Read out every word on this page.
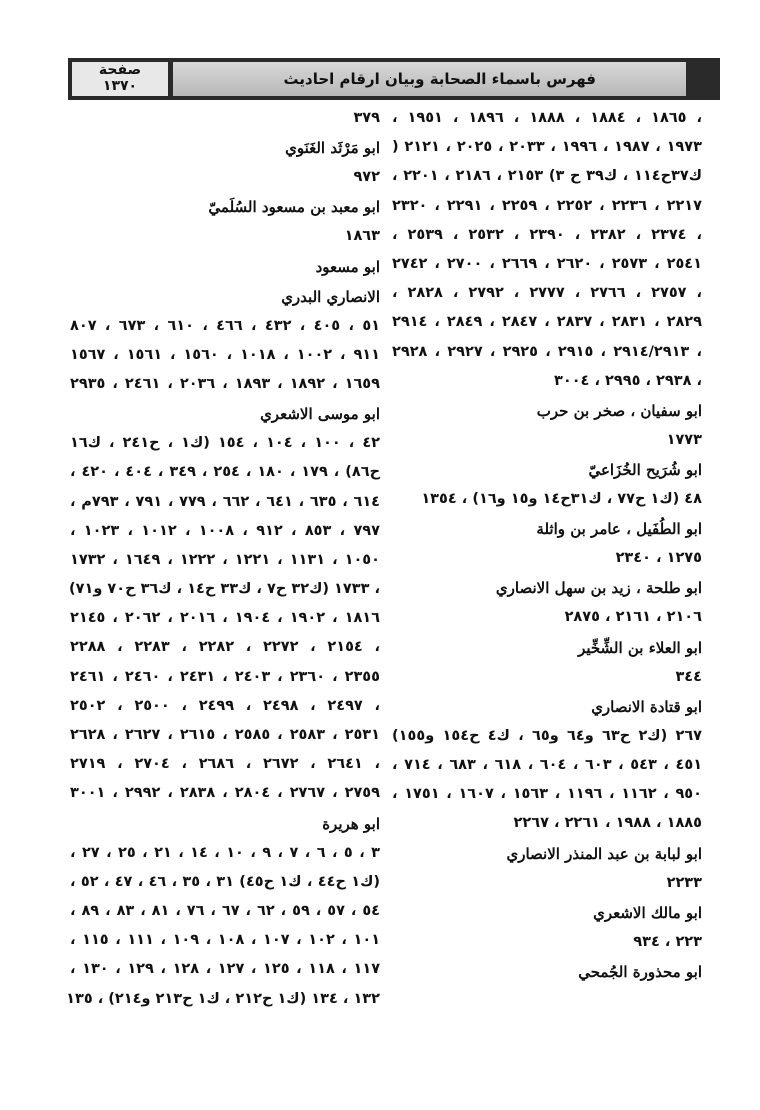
فهرس باسماء الصحابة وبيان ارقام احاديث
صفحة
١٣٧٠
، ١٨٦٥ ، ١٨٨٤ ، ١٨٨٨ ، ١٨٩٦ ، ١٩٥١ ،
١٩٧٣ ، ١٩٨٧ ، ١٩٩٦ ، ٢٠٣٣ ، ٢٠٢٥ ، ٢١٢١ (
ك٣٧ح١١٤ ، ك٣٩ ح ٣) ٢١٥٣ ، ٢١٨٦ ، ٢٢٠١ ،
٢٢١٧ ، ٢٢٣٦ ، ٢٢٥٢ ، ٢٢٥٩ ، ٢٢٩١ ، ٢٣٢٠
، ٢٣٧٤ ، ٢٣٨٢ ، ٢٣٩٠ ، ٢٥٣٢ ، ٢٥٣٩ ،
٢٥٤١ ، ٢٥٧٣ ، ٢٦٢٠ ، ٢٦٦٩ ، ٢٧٠٠ ، ٢٧٤٢
، ٢٧٥٧ ، ٢٧٦٦ ، ٢٧٧٧ ، ٢٧٩٢ ، ٢٨٢٨ ،
٢٨٢٩ ، ٢٨٣١ ، ٢٨٣٧ ، ٢٨٤٧ ، ٢٨٤٩ ، ٢٩١٤
، ٢٩١٤/٢٩١٣ ، ٢٩١٥ ، ٢٩٢٥ ، ٢٩٢٧ ، ٢٩٢٨
، ٢٩٣٨ ، ٢٩٩٥ ، ٣٠٠٤
ابو سفيان ، صخر بن حرب
١٧٧٣
ابو شُرَيح الخُزَاعيّ
٤٨ (ك١ ح٧٧ ، ك٣١ح١٤ و١٥ و١٦) ، ١٣٥٤
ابو الطُفَيل ، عامر بن واثلة
١٢٧٥ ، ٢٣٤٠
ابو طلحة ، زيد بن سهل الانصاري
٢١٠٦ ، ٢١٦١ ، ٢٨٧٥
ابو العلاء بن الشِّخِّير
٣٤٤
ابو قتادة الانصاري
٢٦٧ (ك٢ ح٦٣ و٦٤ و٦٥ ، ك٤ ح١٥٤ و١٥٥)
٤٥١ ، ٥٤٣ ، ٦٠٣ ، ٦٠٤ ، ٦١٨ ، ٦٨٣ ، ٧١٤ ،
٩٥٠ ، ١١٦٢ ، ١١٩٦ ، ١٥٦٣ ، ١٦٠٧ ، ١٧٥١ ،
١٨٨٥ ، ١٩٨٨ ، ٢٢٦١ ، ٢٢٦٧
ابو لبابة بن عبد المنذر الانصاري
٢٢٣٣
ابو مالك الاشعري
٢٢٣ ، ٩٣٤
ابو محذورة الجُمحي
٣٧٩
ابو مَرْثَد الغَنَوي
٩٧٢
ابو معبد بن مسعود السُلَميّ
١٨٦٣
ابو مسعود
الانصاري البدري
٥١ ، ٤٠٥ ، ٤٣٢ ، ٤٦٦ ، ٦١٠ ، ٦٧٣ ، ٨٠٧
٩١١ ، ١٠٠٢ ، ١٠١٨ ، ١٥٦٠ ، ١٥٦١ ، ١٥٦٧
١٦٥٩ ، ١٨٩٢ ، ١٨٩٣ ، ٢٠٣٦ ، ٢٤٦١ ، ٢٩٣٥
ابو موسى الاشعري
٤٢ ، ١٠٠ ، ١٠٤ ، ١٥٤ (ك١ ، ح٢٤١ ، ك١٦
ح٨٦) ، ١٧٩ ، ١٨٠ ، ٢٥٤ ، ٣٤٩ ، ٤٠٤ ، ٤٢٠ ،
٦١٤ ، ٦٣٥ ، ٦٤١ ، ٦٦٢ ، ٧٧٩ ، ٧٩١ ، ٧٩٣م ،
٧٩٧ ، ٨٥٣ ، ٩١٢ ، ١٠٠٨ ، ١٠١٢ ، ١٠٢٣ ،
١٠٥٠ ، ١١٣١ ، ١٢٢١ ، ١٢٢٢ ، ١٦٤٩ ، ١٧٣٢
، ١٧٣٣ (ك٣٢ ح٧ ، ك٣٣ ح١٤ ، ك٣٦ ح٧٠ و٧١)
١٨١٦ ، ١٩٠٢ ، ١٩٠٤ ، ٢٠١٦ ، ٢٠٦٢ ، ٢١٤٥
، ٢١٥٤ ، ٢٢٧٢ ، ٢٢٨٢ ، ٢٢٨٣ ، ٢٢٨٨
٢٣٥٥ ، ٢٣٦٠ ، ٢٤٠٣ ، ٢٤٣١ ، ٢٤٦٠ ، ٢٤٦١
، ٢٤٩٧ ، ٢٤٩٨ ، ٢٤٩٩ ، ٢٥٠٠ ، ٢٥٠٢
٢٥٣١ ، ٢٥٨٣ ، ٢٥٨٥ ، ٢٦١٥ ، ٢٦٢٧ ، ٢٦٢٨
، ٢٦٤١ ، ٢٦٧٢ ، ٢٦٨٦ ، ٢٧٠٤ ، ٢٧١٩
٢٧٥٩ ، ٢٧٦٧ ، ٢٨٠٤ ، ٢٨٣٨ ، ٢٩٩٢ ، ٣٠٠١
ابو هريرة
٣ ، ٥ ، ٦ ، ٧ ، ٩ ، ١٠ ، ١٤ ، ٢١ ، ٢٥ ، ٢٧ ،
(ك١ ح٤٤ ، ك١ ح٤٥) ٣١ ، ٣٥ ، ٤٦ ، ٤٧ ، ٥٢ ،
٥٤ ، ٥٧ ، ٥٩ ، ٦٢ ، ٦٧ ، ٧٦ ، ٨١ ، ٨٣ ، ٨٩ ،
١٠١ ، ١٠٢ ، ١٠٧ ، ١٠٨ ، ١٠٩ ، ١١١ ، ١١٥ ،
١١٧ ، ١١٨ ، ١٢٥ ، ١٢٧ ، ١٢٨ ، ١٢٩ ، ١٣٠ ،
١٣٢ ، ١٣٤ (ك١ ح٢١٢ ، ك١ ح٢١٣ و٢١٤) ، ١٣٥
